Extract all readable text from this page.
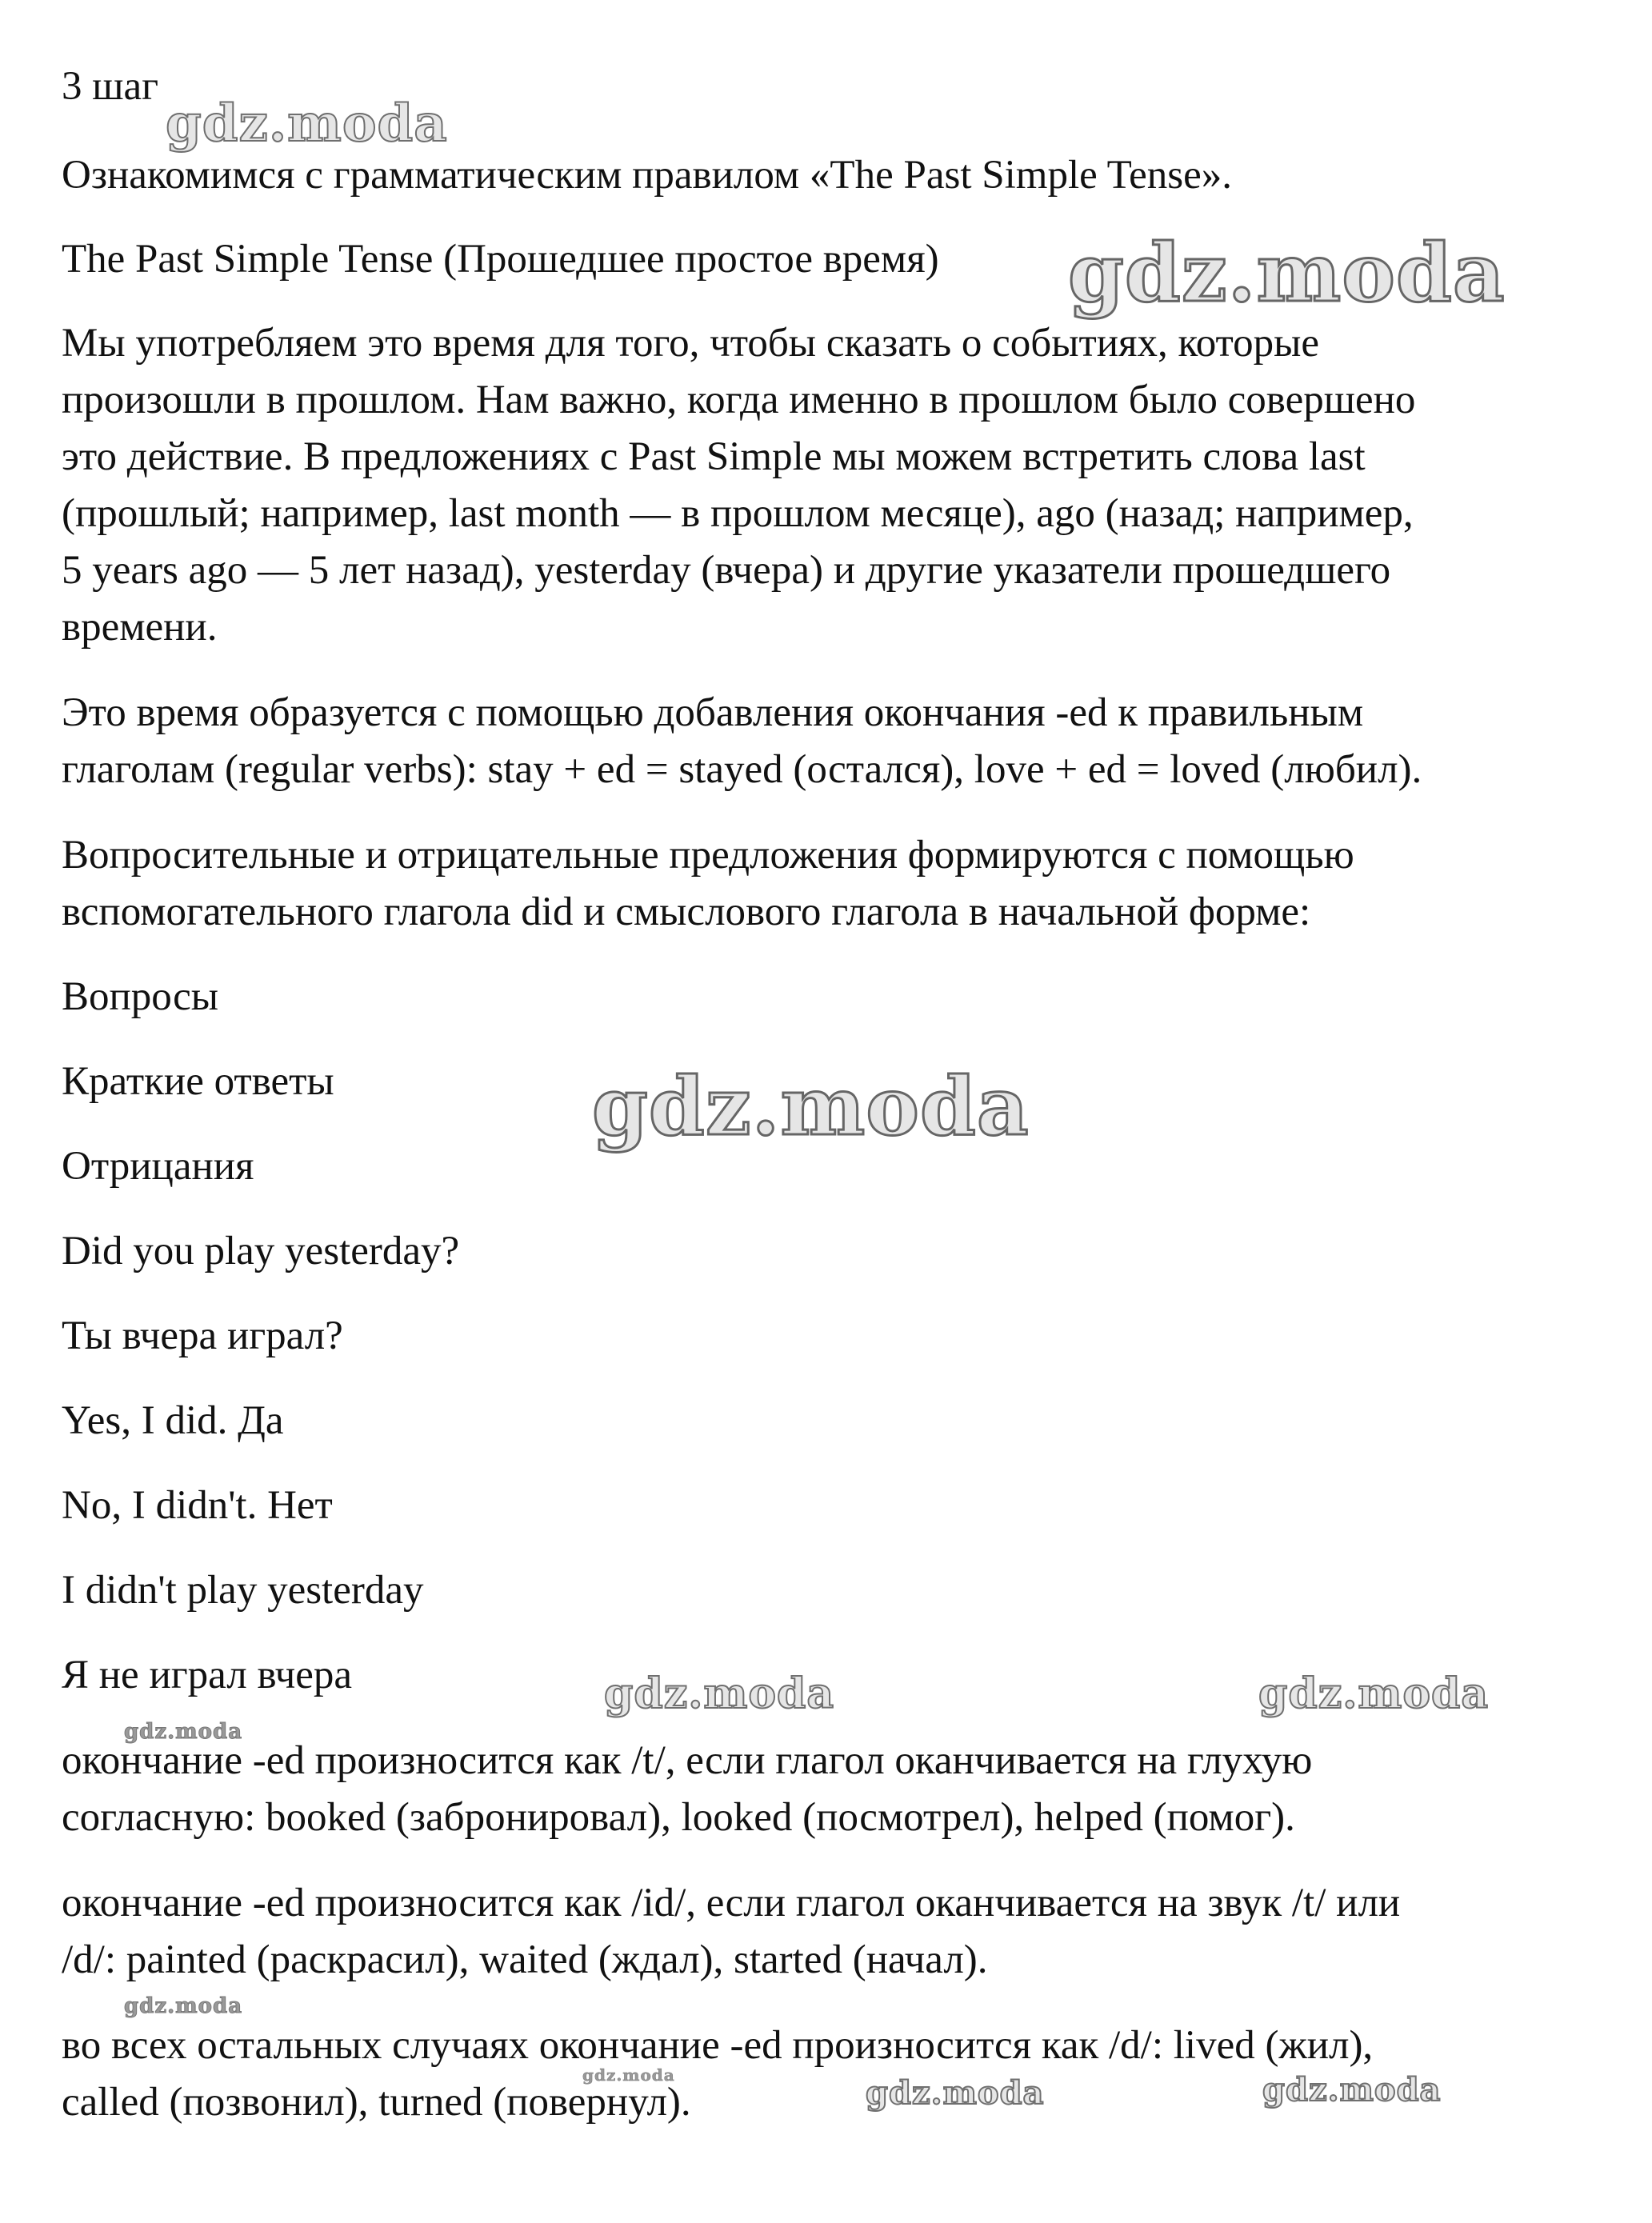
gdz.moda
gdz.moda
gdz.moda
gdz.moda	gdz.moda
gdz.moda
gdz.moda
gdz.moda	gdz.moda
gdz.moda
3 шаг
Ознакомимся с грамматическим правилом «The Past Simple Tense».
The Past Simple Tense (Прошедшее простое время)
Мы употребляем это время для того, чтобы сказать о событиях, которые
произошли в прошлом. Нам важно, когда именно в прошлом было совершено
это действие. В предложениях с Past Simple мы можем встретить слова last
(прошлый; например, last month — в прошлом месяце), ago (назад; например,
5 years ago — 5 лет назад), yesterday (вчера) и другие указатели прошедшего
времени.
Это время образуется с помощью добавления окончания -ed к правильным
глаголам (regular verbs): stay + ed = stayed (остался), love + ed = loved (любил).
Вопросительные и отрицательные предложения формируются с помощью
вспомогательного глагола did и смыслового глагола в начальной форме:
Вопросы
Краткие ответы
Отрицания
Did you play yesterday?
Ты вчера играл?
Yes, I did. Да
No, I didn't. Нет
I didn't play yesterday
Я не играл вчера
окончание -ed произносится как /t/, если глагол оканчивается на глухую
согласную: booked (забронировал), looked (посмотрел), helped (помог).
окончание -ed произносится как /id/, если глагол оканчивается на звук /t/ или
/d/: painted (раскрасил), waited (ждал), started (начал).
во всех остальных случаях окончание -ed произносится как /d/: lived (жил),
called (позвонил), turned (повернул).
